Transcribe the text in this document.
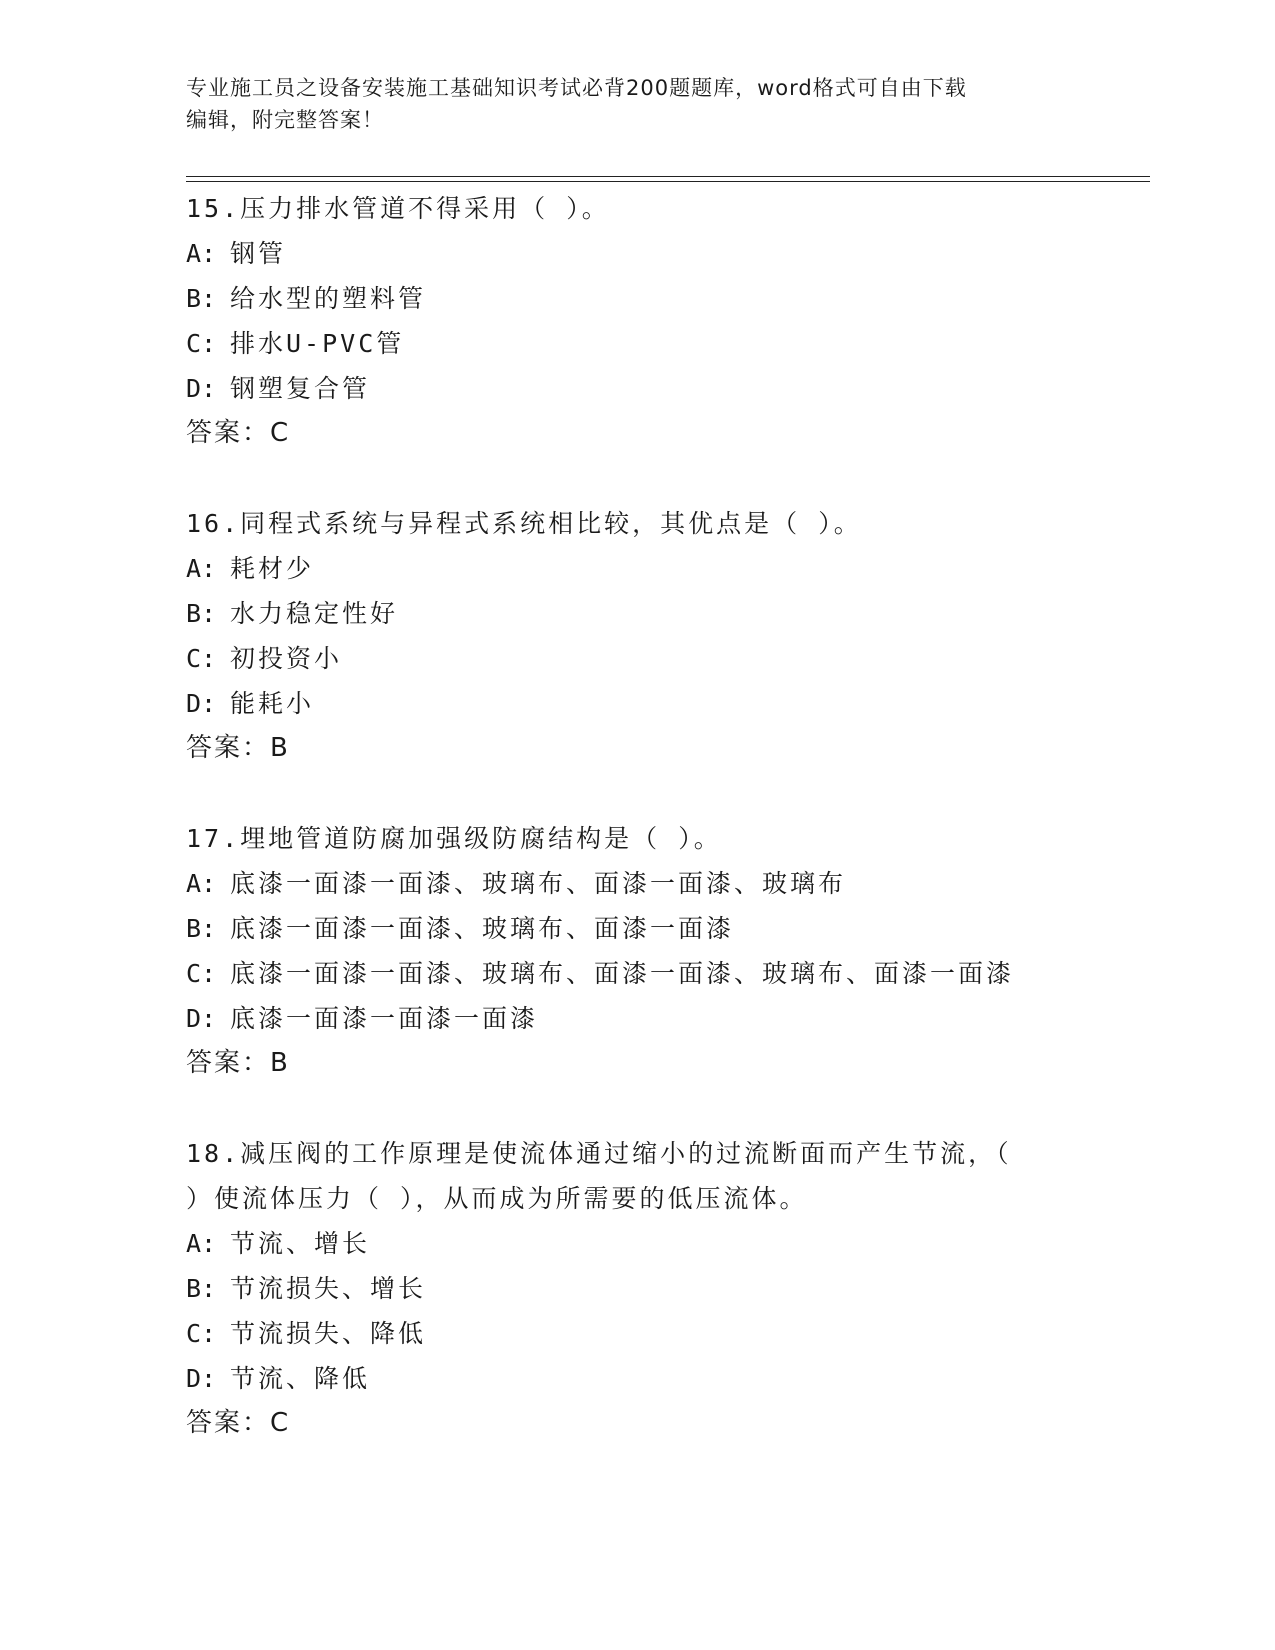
专业施工员之设备安装施工基础知识考试必背200题题库，word格式可自由下载
编辑，附完整答案！
15.压力排水管道不得采用（ ）。
A: 钢管
B: 给水型的塑料管
C: 排水U-PVC管
D: 钢塑复合管
答案：C
16.同程式系统与异程式系统相比较，其优点是（ ）。
A: 耗材少
B: 水力稳定性好
C: 初投资小
D: 能耗小
答案：B
17.埋地管道防腐加强级防腐结构是（ ）。
A: 底漆一面漆一面漆、玻璃布、面漆一面漆、玻璃布
B: 底漆一面漆一面漆、玻璃布、面漆一面漆
C: 底漆一面漆一面漆、玻璃布、面漆一面漆、玻璃布、面漆一面漆
D: 底漆一面漆一面漆一面漆
答案：B
18.减压阀的工作原理是使流体通过缩小的过流断面而产生节流，（
）使流体压力（ ），从而成为所需要的低压流体。
A: 节流、增长
B: 节流损失、增长
C: 节流损失、降低
D: 节流、降低
答案：C
